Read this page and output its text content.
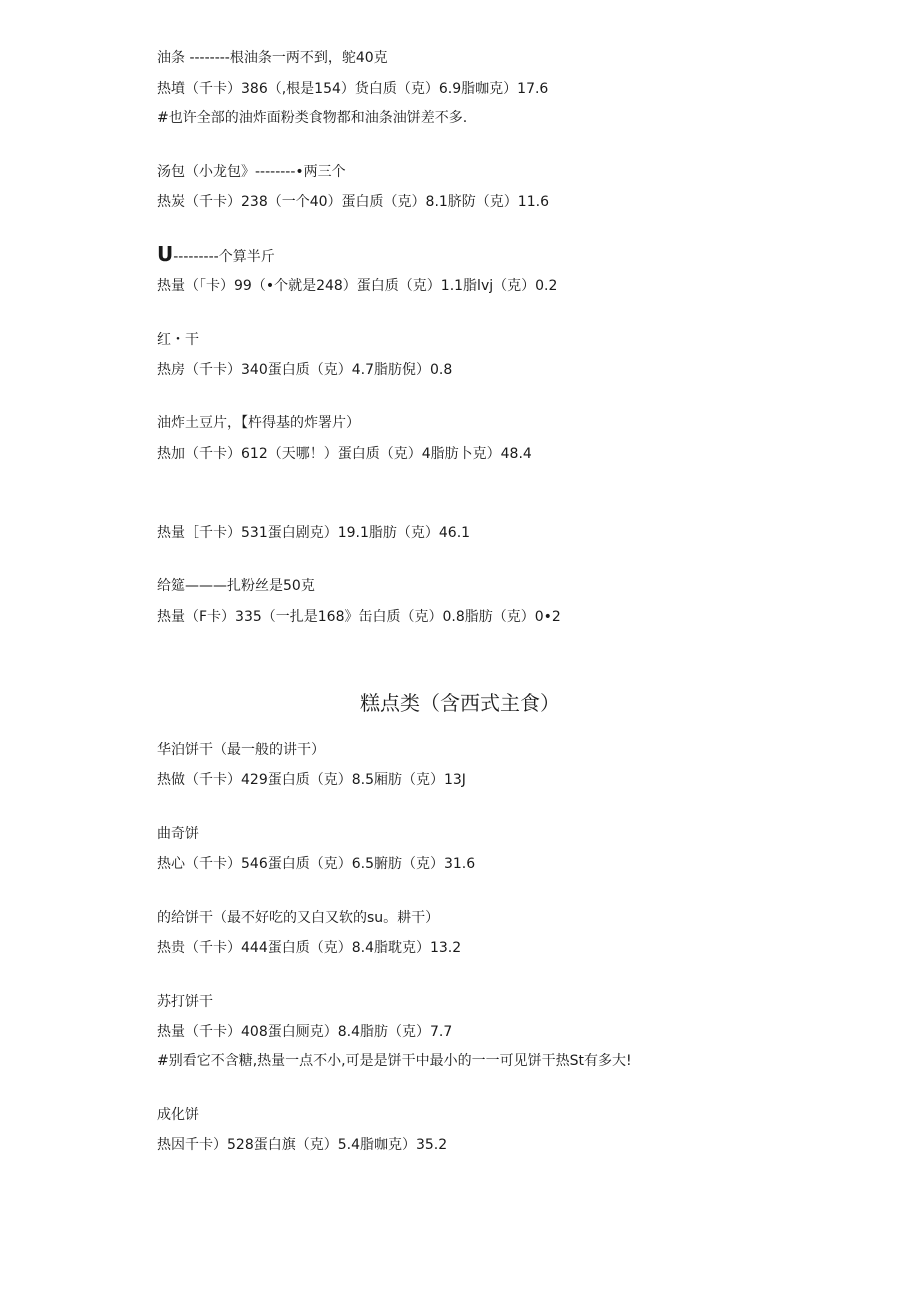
油条 --------根油条一两不到，鸵40克
热墳（千卡）386（,根是154）货白质（克）6.9脂咖克）17.6
#也许全部的油炸面粉类食物都和油条油饼差不多.
汤包（小龙包》--------•两三个
热炭（千卡）238（一个40）蛋白质（克）8.1脐防（克）11.6
U---------个算半斤
热量（「卡）99（•个就是248）蛋白质（克）1.1脂lvj（克）0.2
红・干
热房（千卡）340蛋白质（克）4.7脂肪倪）0.8
油炸土豆片，【杵得基的炸署片）
热加（千卡）612（天哪！）蛋白质（克）4脂肪卜克）48.4
热量［千卡）531蛋白剧克）19.1脂肪（克）46.1
给筵———扎粉丝是50克
热量（F卡）335（一扎是168》缶白质（克）0.8脂肪（克）0•2
糕点类（含西式主食）
华泊饼干（最一般的讲干）
热做（千卡）429蛋白质（克）8.5厢肪（克）13J
曲奇饼
热心（千卡）546蛋白质（克）6.5腑肪（克）31.6
的给饼干（最不好吃的又白又软的su。耕干）
热贵（千卡）444蛋白质（克）8.4脂耽克）13.2
苏打饼干
热量（千卡）408蛋白厕克）8.4脂肪（克）7.7
#别看它不含糖,热量一点不小,可是是饼干中最小的一一可见饼干热St有多大!
成化饼
热因千卡）528蛋白旗（克）5.4脂咖克）35.2
